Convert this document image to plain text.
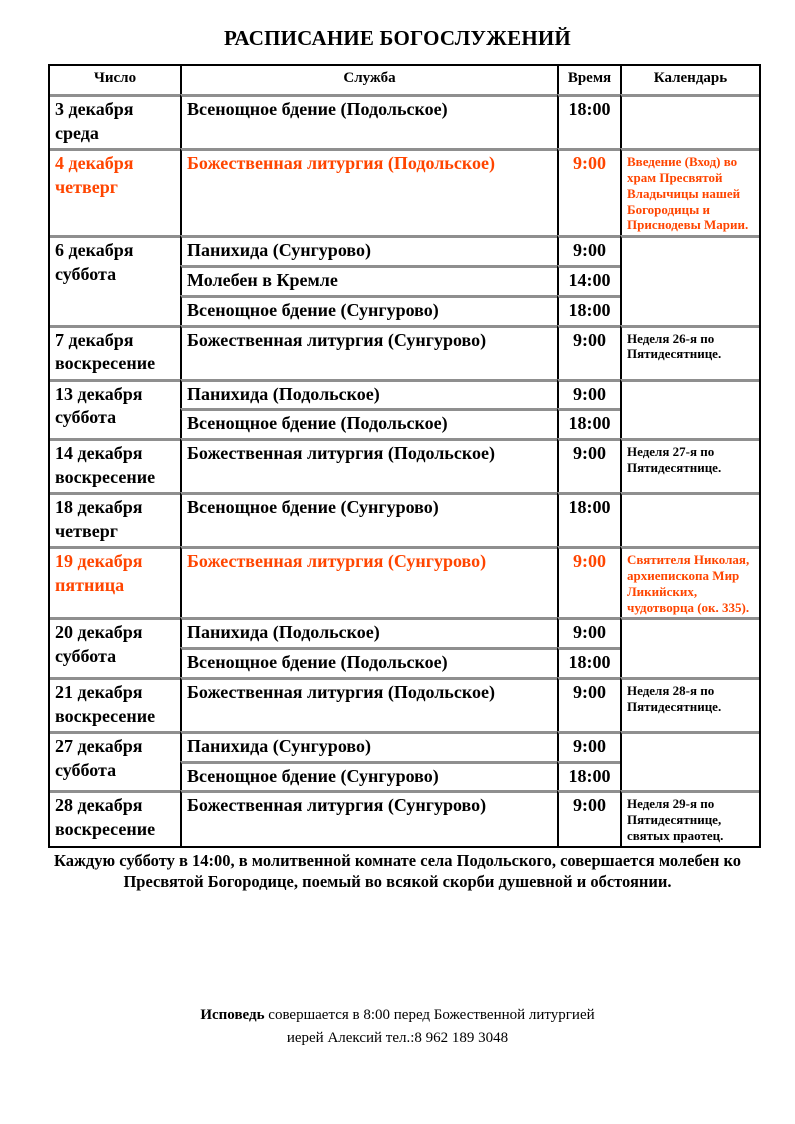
РАСПИСАНИЕ БОГОСЛУЖЕНИЙ
Число	Служба	Время	Календарь

3 декабря
среда	Всенощное бдение (Подольское)	18:00	

4 декабря
четверг	Божественная литургия (Подольское)	9:00	Введение (Вход) во храм Пресвятой Владычицы нашей Богородицы и Приснодевы Марии.

6 декабря
суббота	Панихида (Сунгурово)	9:00	
	Молебен в Кремле	14:00	
	Всенощное бдение (Сунгурово)	18:00	

7 декабря
воскресение	Божественная литургия (Сунгурово)	9:00	Неделя 26-я по Пятидесятнице.

13 декабря
суббота	Панихида (Подольское)	9:00	
	Всенощное бдение (Подольское)	18:00	

14 декабря
воскресение	Божественная литургия (Подольское)	9:00	Неделя 27-я по Пятидесятнице.

18 декабря
четверг	Всенощное бдение (Сунгурово)	18:00	

19 декабря
пятница	Божественная литургия (Сунгурово)	9:00	Святителя Николая, архиепископа Мир Ликийских, чудотворца (ок. 335).

20 декабря
суббота	Панихида (Подольское)	9:00	
	Всенощное бдение (Подольское)	18:00	

21 декабря
воскресение	Божественная литургия (Подольское)	9:00	Неделя 28-я по Пятидесятнице.

27 декабря
суббота	Панихида (Сунгурово)	9:00	
	Всенощное бдение (Сунгурово)	18:00	

28 декабря
воскресение	Божественная литургия (Сунгурово)	9:00	Неделя 29-я по Пятидесятнице, святых праотец.
Каждую субботу в 14:00, в молитвенной комнате села Подольского, совершается молебен ко Пресвятой Богородице, поемый во всякой скорби душевной и обстоянии.
Исповедь совершается в 8:00 перед Божественной литургией
иерей Алексий тел.:8 962 189 3048
